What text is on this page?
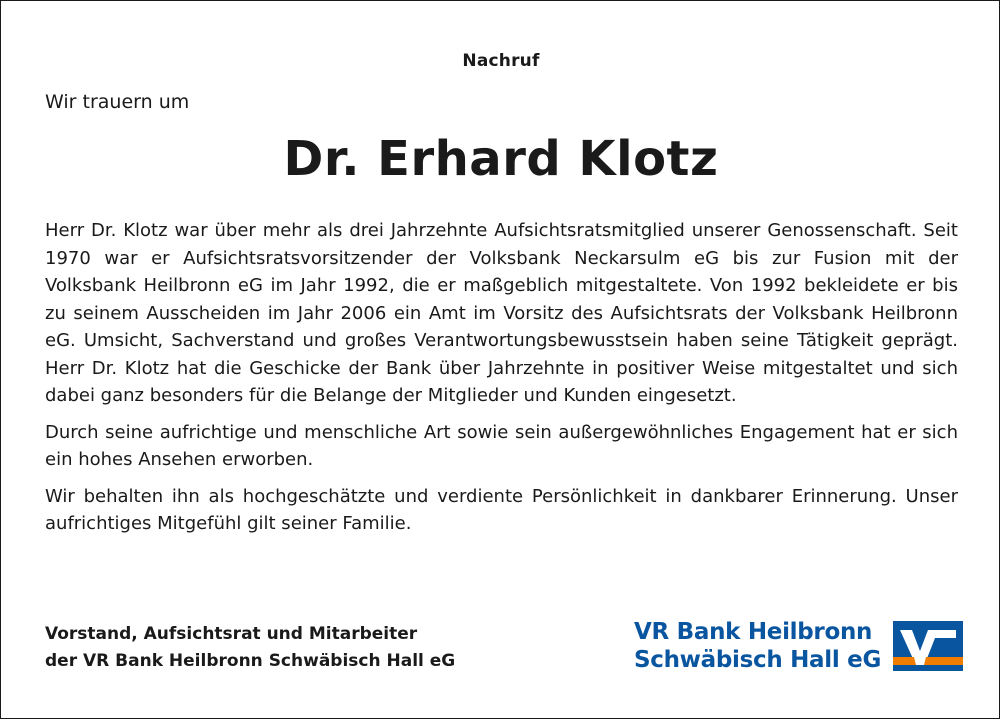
Nachruf
Wir trauern um
Dr. Erhard Klotz

Herr Dr. Klotz war über mehr als drei Jahrzehnte Aufsichtsratsmitglied unserer Genossenschaft. Seit 1970 war er Aufsichtsratsvorsitzender der Volksbank Neckarsulm eG bis zur Fusion mit der Volksbank Heilbronn eG im Jahr 1992, die er maßgeblich mitgestaltete. Von 1992 bekleidete er bis zu seinem Ausscheiden im Jahr 2006 ein Amt im Vorsitz des Aufsichtsrats der Volksbank Heilbronn eG. Umsicht, Sachverstand und großes Verantwortungsbewusstsein haben seine Tätigkeit geprägt. Herr Dr. Klotz hat die Geschicke der Bank über Jahrzehnte in positiver Weise mitgestaltet und sich dabei ganz besonders für die Belange der Mitglieder und Kunden eingesetzt.

Durch seine aufrichtige und menschliche Art sowie sein außergewöhnliches Engagement hat er sich ein hohes Ansehen erworben.

Wir behalten ihn als hochgeschätzte und verdiente Persönlichkeit in dankbarer Erinnerung. Unser aufrichtiges Mitgefühl gilt seiner Familie.

Vorstand, Aufsichtsrat und Mitarbeiter
der VR Bank Heilbronn Schwäbisch Hall eG
VR Bank Heilbronn
Schwäbisch Hall eG
